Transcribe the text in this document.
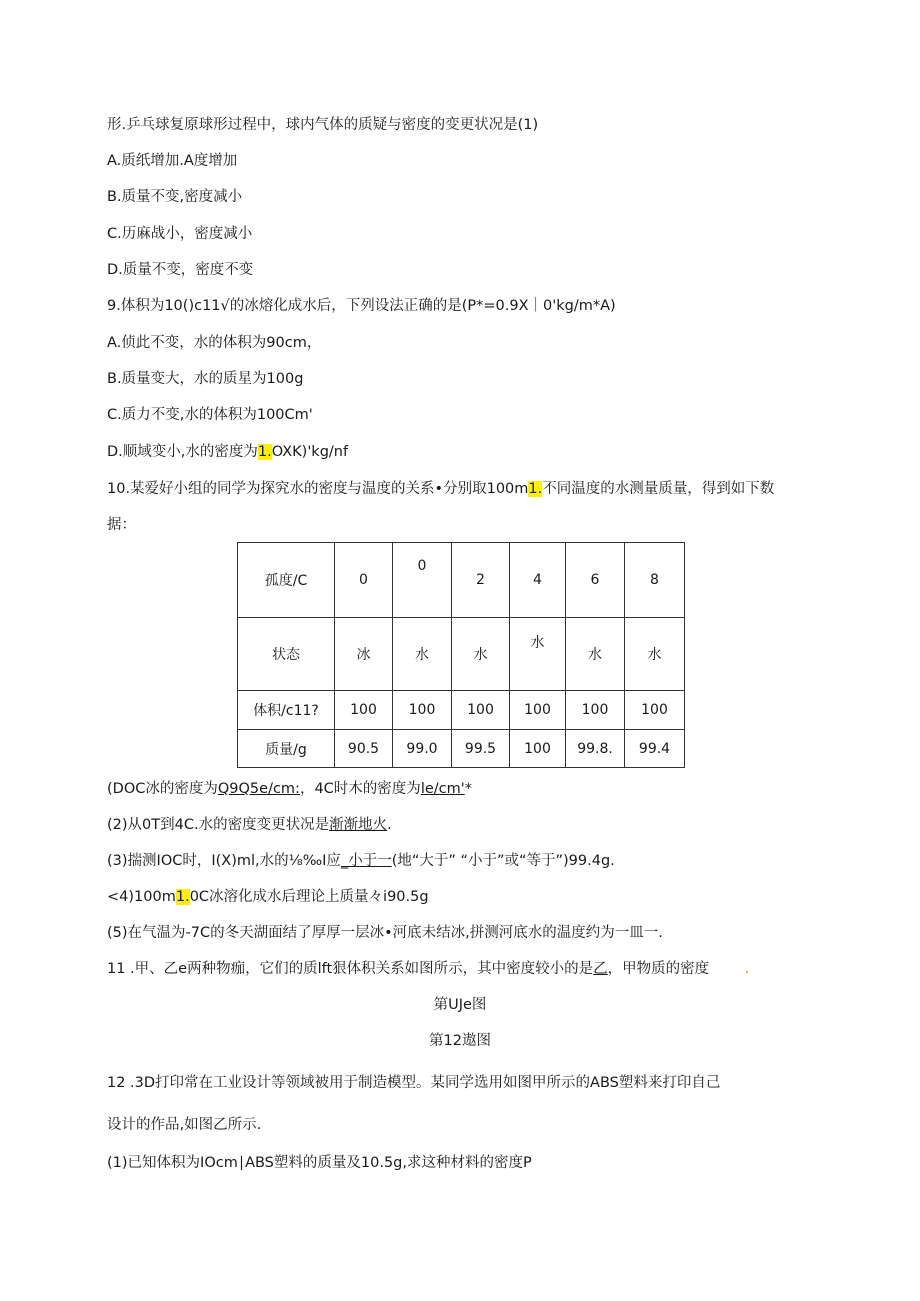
形.乒乓球复原球形过程中，球内气体的质疑与密度的变更状况是(1)
A.质纸增加.A度增加
B.质量不变,密度减小
C.历麻战小，密度减小
D.质量不变，密度不变
9.体积为10()c11√的冰熔化成水后，下列设法正确的是(P*=0.9X｜0'kg∕m*A)
A.侦此不变，水的体积为90cm，
B.质量变大，水的质星为100g
C.质力不变,水的体积为100Cm'
D.顺域变小,水的密度为1.OXK)'kg∕nf
10.某爱好小组的同学为探究水的密度与温度的关系•分别取100m1.不同温度的水测量质量，得到如下数
据：
孤度/C	0	0	2	4	6	8
状态	冰	水	水	水	水	水
体积∕c11?	100	100	100	100	100	100
质量/g	90.5	99.0	99.5	100	99.8.	99.4
(DOC冰的密度为Q9Q5e∕cm:，4C时木的密度为le∕cm'*
(2)从0T到4C.水的密度变更状况是渐渐地火.
(3)揣测IOC时，I(X)ml,水的⅛‰I应_小于一(地“大于” “小于”或“等于”)99.4g.
<4)100m1.0C冰溶化成水后理论上质量々i90.5g
(5)在气温为-7C的冬天湖面结了厚厚一层冰•河底未结冰,拼测河底水的温度约为一皿一.
11 .甲、乙e两种物痂，它们的质lft狠体积关系如图所示，其中密度较小的是乙，甲物质的密度 .
第UJe图
第12遨图
12 .3D打印常在工业设计等领域被用于制造模型。某同学选用如图甲所示的ABS塑料来打印自己
设计的作品,如图乙所示.
(1)已知体积为IOcm∣ABS塑料的质量及10.5g,求这种材料的密度P
